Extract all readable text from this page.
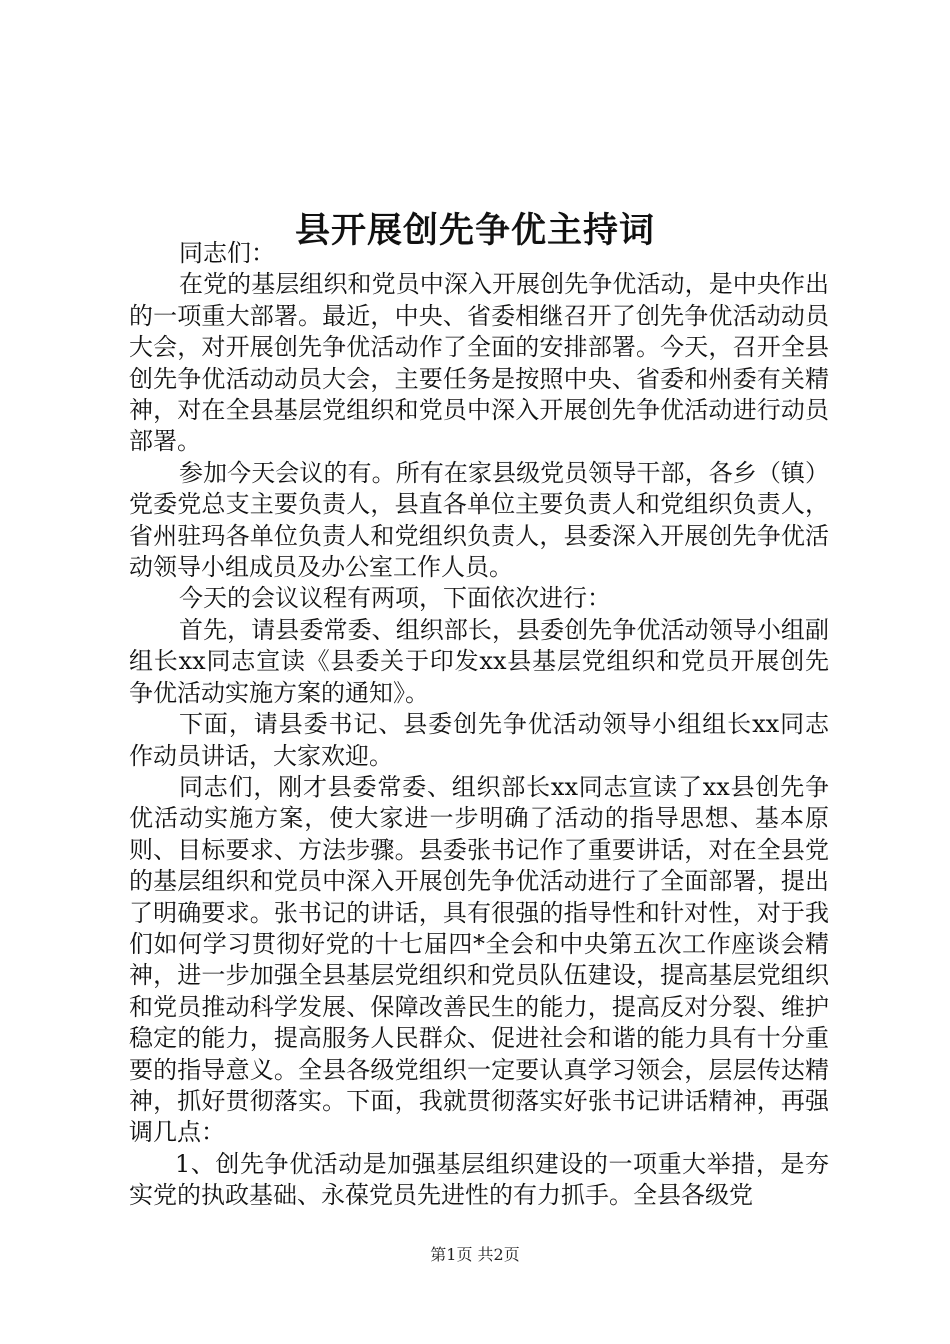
县开展创先争优主持词

同志们：

在党的基层组织和党员中深入开展创先争优活动，是中央作出的一项重大部署。最近，中央、省委相继召开了创先争优活动动员大会，对开展创先争优活动作了全面的安排部署。今天，召开全县创先争优活动动员大会，主要任务是按照中央、省委和州委有关精神，对在全县基层党组织和党员中深入开展创先争优活动进行动员部署。

参加今天会议的有。所有在家县级党员领导干部，各乡（镇）党委党总支主要负责人，县直各单位主要负责人和党组织负责人，省州驻玛各单位负责人和党组织负责人，县委深入开展创先争优活动领导小组成员及办公室工作人员。

今天的会议议程有两项，下面依次进行：

首先，请县委常委、组织部长，县委创先争优活动领导小组副组长xx同志宣读《县委关于印发xx县基层党组织和党员开展创先争优活动实施方案的通知》。

下面，请县委书记、县委创先争优活动领导小组组长xx同志作动员讲话，大家欢迎。

同志们，刚才县委常委、组织部长xx同志宣读了xx县创先争优活动实施方案，使大家进一步明确了活动的指导思想、基本原则、目标要求、方法步骤。县委张书记作了重要讲话，对在全县党的基层组织和党员中深入开展创先争优活动进行了全面部署，提出了明确要求。张书记的讲话，具有很强的指导性和针对性，对于我们如何学习贯彻好党的十七届四*全会和中央第五次工作座谈会精神，进一步加强全县基层党组织和党员队伍建设，提高基层党组织和党员推动科学发展、保障改善民生的能力，提高反对分裂、维护稳定的能力，提高服务人民群众、促进社会和谐的能力具有十分重要的指导意义。全县各级党组织一定要认真学习领会，层层传达精神，抓好贯彻落实。下面，我就贯彻落实好张书记讲话精神，再强调几点：

1、创先争优活动是加强基层组织建设的一项重大举措，是夯实党的执政基础、永葆党员先进性的有力抓手。全县各级党

第1页 共2页
